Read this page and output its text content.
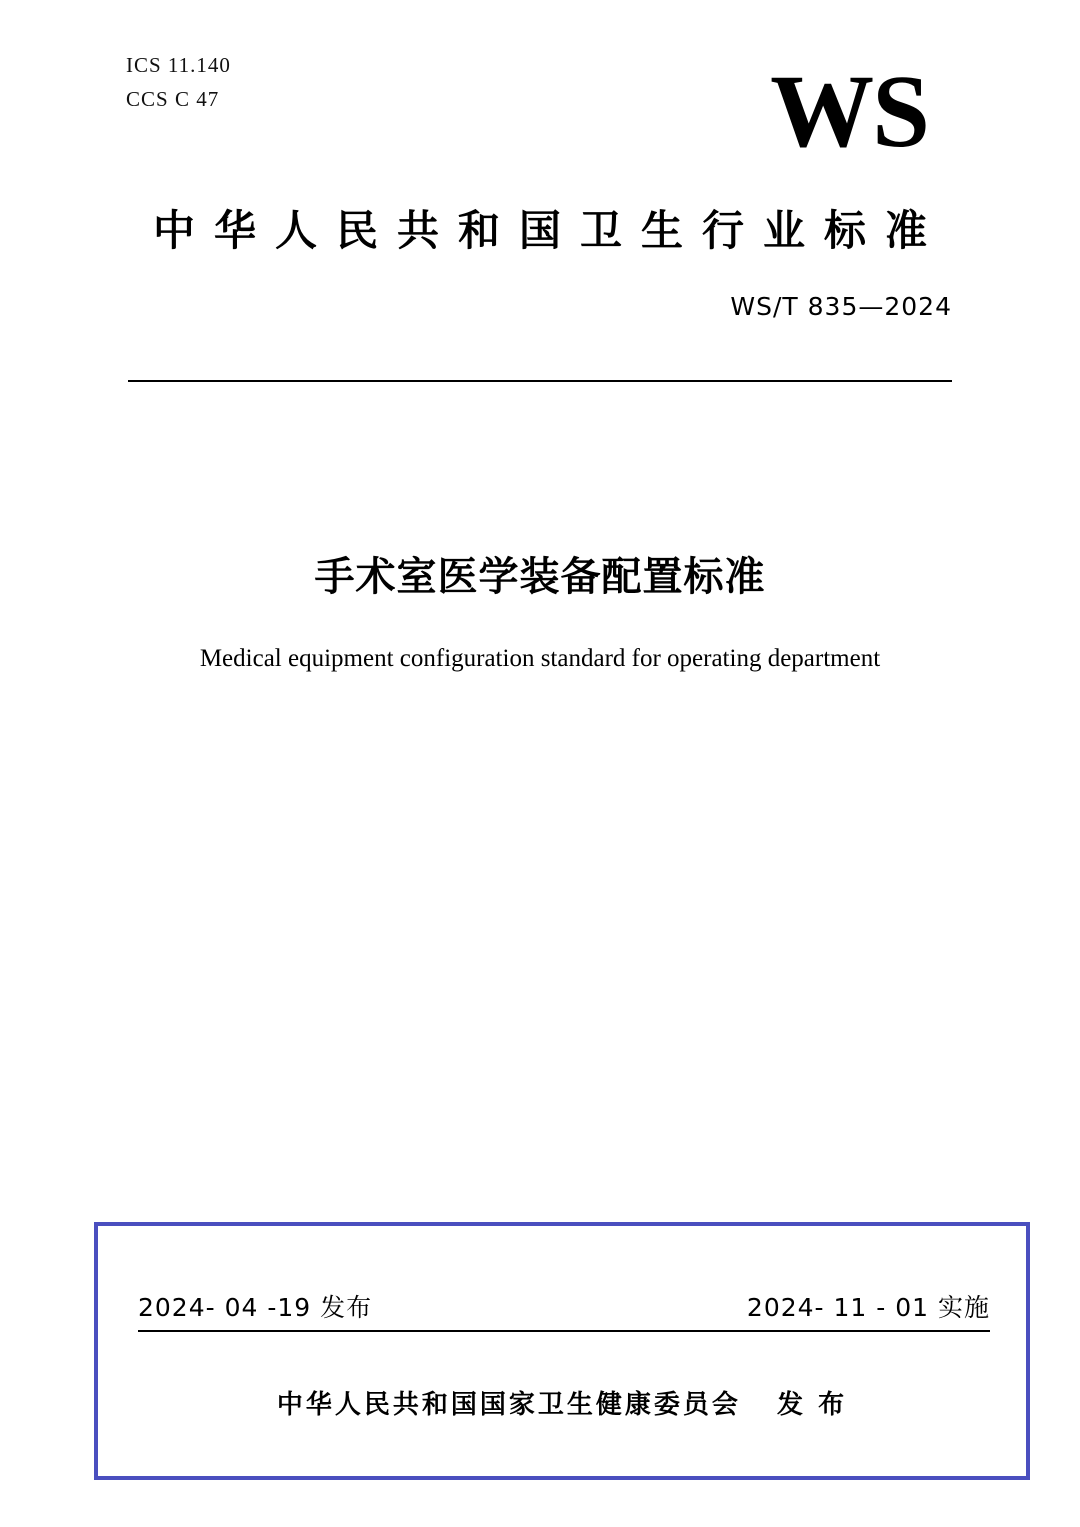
ICS 11.140
CCS C 47	WS
中华人民共和国卫生行业标准
WS/T 835—2024
手术室医学装备配置标准
Medical equipment configuration standard for operating department
2024- 04 -19 发布	2024- 11 - 01 实施
中华人民共和国国家卫生健康委员会   发 布
